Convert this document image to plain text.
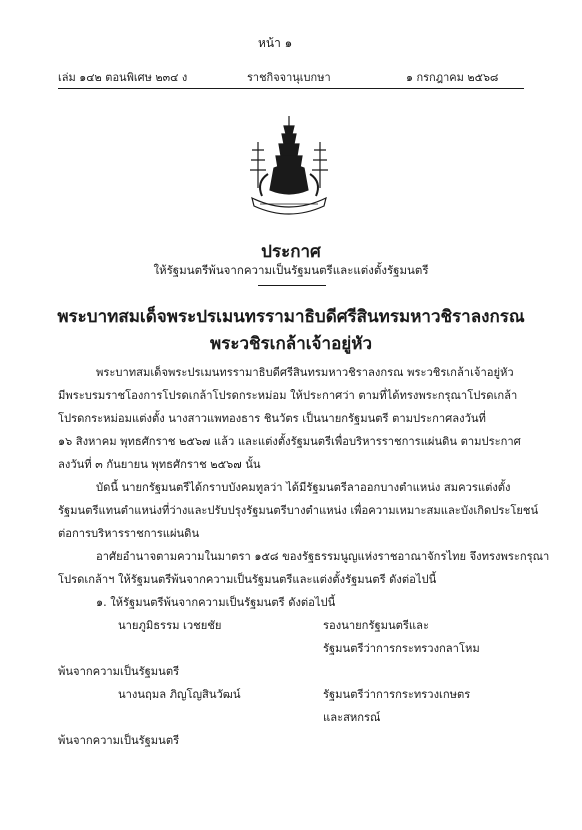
หน้า ๑
เล่ม ๑๔๒ ตอนพิเศษ ๒๓๔ ง	ราชกิจจานุเบกษา	๑ กรกฎาคม ๒๕๖๘
ประกาศ
ให้รัฐมนตรีพ้นจากความเป็นรัฐมนตรีและแต่งตั้งรัฐมนตรี
พระบาทสมเด็จพระปรเมนทรรามาธิบดีศรีสินทรมหาวชิราลงกรณ
พระวชิรเกล้าเจ้าอยู่หัว
พระบาทสมเด็จพระปรเมนทรรามาธิบดีศรีสินทรมหาวชิราลงกรณ พระวชิรเกล้าเจ้าอยู่หัว
มีพระบรมราชโองการโปรดเกล้าโปรดกระหม่อม ให้ประกาศว่า ตามที่ได้ทรงพระกรุณาโปรดเกล้า
โปรดกระหม่อมแต่งตั้ง นางสาวแพทองธาร ชินวัตร เป็นนายกรัฐมนตรี ตามประกาศลงวันที่
๑๖ สิงหาคม พุทธศักราช ๒๕๖๗ แล้ว และแต่งตั้งรัฐมนตรีเพื่อบริหารราชการแผ่นดิน ตามประกาศ
ลงวันที่ ๓ กันยายน พุทธศักราช ๒๕๖๗ นั้น
บัดนี้ นายกรัฐมนตรีได้กราบบังคมทูลว่า ได้มีรัฐมนตรีลาออกบางตำแหน่ง สมควรแต่งตั้ง
รัฐมนตรีแทนตำแหน่งที่ว่างและปรับปรุงรัฐมนตรีบางตำแหน่ง เพื่อความเหมาะสมและบังเกิดประโยชน์
ต่อการบริหารราชการแผ่นดิน
อาศัยอำนาจตามความในมาตรา ๑๕๘ ของรัฐธรรมนูญแห่งราชอาณาจักรไทย จึงทรงพระกรุณา
โปรดเกล้าฯ ให้รัฐมนตรีพ้นจากความเป็นรัฐมนตรีและแต่งตั้งรัฐมนตรี ดังต่อไปนี้
๑. ให้รัฐมนตรีพ้นจากความเป็นรัฐมนตรี ดังต่อไปนี้
นายภูมิธรรม เวชยชัย	รองนายกรัฐมนตรีและ
รัฐมนตรีว่าการกระทรวงกลาโหม
พ้นจากความเป็นรัฐมนตรี
นางนฤมล ภิญโญสินวัฒน์	รัฐมนตรีว่าการกระทรวงเกษตร
และสหกรณ์
พ้นจากความเป็นรัฐมนตรี
